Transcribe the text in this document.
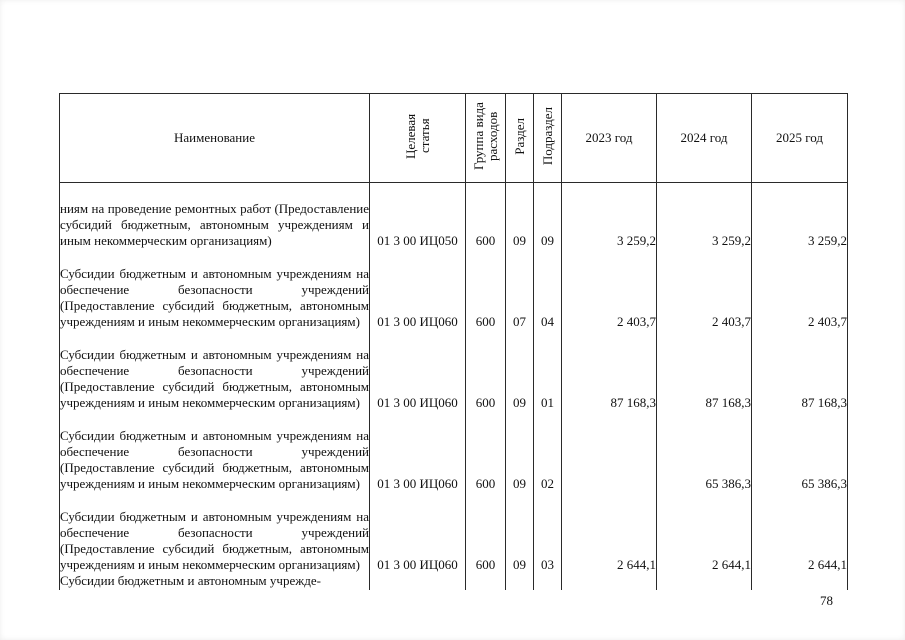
Наименование	Целевая статья	Группа вида расходов	Раздел	Подраздел	2023 год	2024 год	2025 год
ниям на проведение ремонтных работ (Предоставление субсидий бюджетным, автономным учреждениям и иным некоммерческим организациям)	01 3 00 ИЦ050	600	09	09	3 259,2	3 259,2	3 259,2
Субсидии бюджетным и автономным учреждениям на обеспечение безопасности учреждений (Предоставление субсидий бюджетным, автономным учреждениям и иным некоммерческим организациям)	01 3 00 ИЦ060	600	07	04	2 403,7	2 403,7	2 403,7
Субсидии бюджетным и автономным учреждениям на обеспечение безопасности учреждений (Предоставление субсидий бюджетным, автономным учреждениям и иным некоммерческим организациям)	01 3 00 ИЦ060	600	09	01	87 168,3	87 168,3	87 168,3
Субсидии бюджетным и автономным учреждениям на обеспечение безопасности учреждений (Предоставление субсидий бюджетным, автономным учреждениям и иным некоммерческим организациям)	01 3 00 ИЦ060	600	09	02		65 386,3	65 386,3
Субсидии бюджетным и автономным учреждениям на обеспечение безопасности учреждений (Предоставление субсидий бюджетным, автономным учреждениям и иным некоммерческим организациям)	01 3 00 ИЦ060	600	09	03	2 644,1	2 644,1	2 644,1
Субсидии бюджетным и автономным учрежде-							
78
